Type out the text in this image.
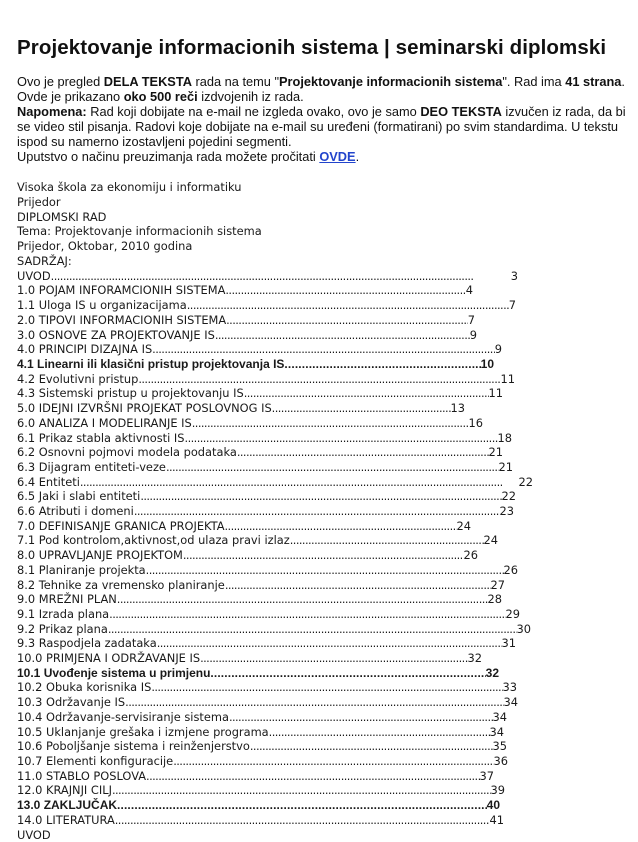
Projektovanje informacionih sistema | seminarski diplomski

Ovo je pregled DELA TEKSTA rada na temu "Projektovanje informacionih sistema". Rad ima 41 strana. Ovde je prikazano oko 500 reči izdvojenih iz rada.

Napomena: Rad koji dobijate na e-mail ne izgleda ovako, ovo je samo DEO TEKSTA izvučen iz rada, da bi se video stil pisanja. Radovi koje dobijate na e-mail su uređeni (formatirani) po svim standardima. U tekstu ispod su namerno izostavljeni pojedini segmenti.

Uputstvo o načinu preuzimanja rada možete pročitati OVDE.

Visoka škola za ekonomiju i informatiku
Prijedor
DIPLOMSKI RAD
Tema: Projektovanje informacionih sistema
Prijedor, Oktobar, 2010 godina
SADRŽAJ:
UVOD . . .	3
1.0 POJAM INFORAMCIONIH SISTEMA . . .	4
1.1 Uloga IS u organizacijama . . .	7
2.0 TIPOVI INFORMACIONIH SISTEMA . . .	7
3.0 OSNOVE ZA PROJEKTOVANJE IS . . .	9
4.0 PRINCIPI DIZAJNA IS . . .	9
4.1 Linearni ili klasični pristup projektovanja IS . . .	10
4.2 Evolutivni pristup . . .	11
4.3 Sistemski pristup u projektovanju IS . . .	11
5.0 IDEJNI IZVRŠNI PROJEKAT POSLOVNOG IS . . .	13
6.0 ANALIZA I MODELIRANJE IS . . .	16
6.1 Prikaz stabla aktivnosti IS . . .	18
6.2 Osnovni pojmovi modela podataka . . .	21
6.3 Dijagram entiteti-veze . . .	21
6.4 Entiteti . . .	22
6.5 Jaki i slabi entiteti . . .	22
6.6 Atributi i domeni . . .	23
7.0 DEFINISANJE GRANICA PROJEKTA . . .	24
7.1 Pod kontrolom,aktivnost,od ulaza pravi izlaz . . .	24
8.0 UPRAVLJANJE PROJEKTOM . . .	26
8.1 Planiranje projekta . . .	26
8.2 Tehnike za vremensko planiranje . . .	27
9.0 MREŽNI PLAN . . .	28
9.1 Izrada plana . . .	29
9.2 Prikaz plana . . .	30
9.3 Raspodjela zadataka . . .	31
10.0 PRIMJENA I ODRŽAVANJE IS . . .	32
10.1 Uvođenje sistema u primjenu . . .	32
10.2 Obuka korisnika IS . . .	33
10.3 Održavanje IS . . .	34
10.4 Održavanje-servisiranje sistema . . .	34
10.5 Uklanjanje grešaka i izmjene programa . . .	34
10.6 Poboljšanje sistema i reinženjerstvo . . .	35
10.7 Elementi konfiguracije . . .	36
11.0 STABLO POSLOVA . . .	37
12.0 KRAJNJI CILJ . . .	39
13.0 ZAKLJUČAK . . .	40
14.0 LITERATURA . . .	41
UVOD
